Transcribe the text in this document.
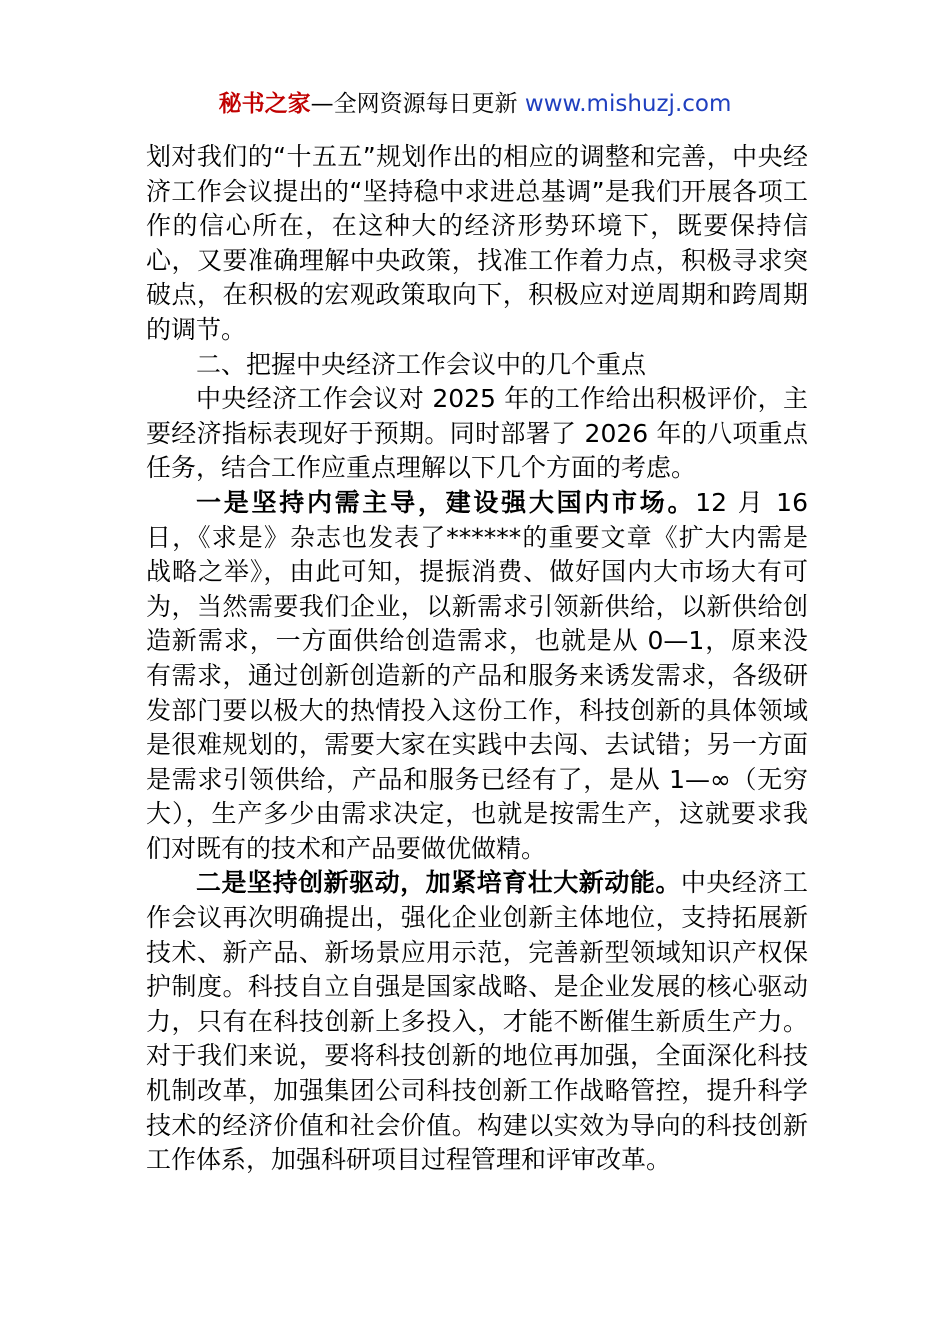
秘书之家—全网资源每日更新 www.mishuzj.com

划对我们的“十五五”规划作出的相应的调整和完善，中央经济工作会议提出的“坚持稳中求进总基调”是我们开展各项工作的信心所在，在这种大的经济形势环境下，既要保持信心，又要准确理解中央政策，找准工作着力点，积极寻求突破点，在积极的宏观政策取向下，积极应对逆周期和跨周期的调节。

二、把握中央经济工作会议中的几个重点

中央经济工作会议对 2025 年的工作给出积极评价，主要经济指标表现好于预期。同时部署了 2026 年的八项重点任务，结合工作应重点理解以下几个方面的考虑。

一是坚持内需主导，建设强大国内市场。12 月 16 日，《求是》杂志也发表了******的重要文章《扩大内需是战略之举》，由此可知，提振消费、做好国内大市场大有可为，当然需要我们企业，以新需求引领新供给，以新供给创造新需求，一方面供给创造需求，也就是从 0—1，原来没有需求，通过创新创造新的产品和服务来诱发需求，各级研发部门要以极大的热情投入这份工作，科技创新的具体领域是很难规划的，需要大家在实践中去闯、去试错；另一方面是需求引领供给，产品和服务已经有了，是从 1—∞（无穷大），生产多少由需求决定，也就是按需生产，这就要求我们对既有的技术和产品要做优做精。

二是坚持创新驱动，加紧培育壮大新动能。中央经济工作会议再次明确提出，强化企业创新主体地位，支持拓展新技术、新产品、新场景应用示范，完善新型领域知识产权保护制度。科技自立自强是国家战略、是企业发展的核心驱动力，只有在科技创新上多投入，才能不断催生新质生产力。对于我们来说，要将科技创新的地位再加强，全面深化科技机制改革，加强集团公司科技创新工作战略管控，提升科学技术的经济价值和社会价值。构建以实效为导向的科技创新工作体系，加强科研项目过程管理和评审改革。
